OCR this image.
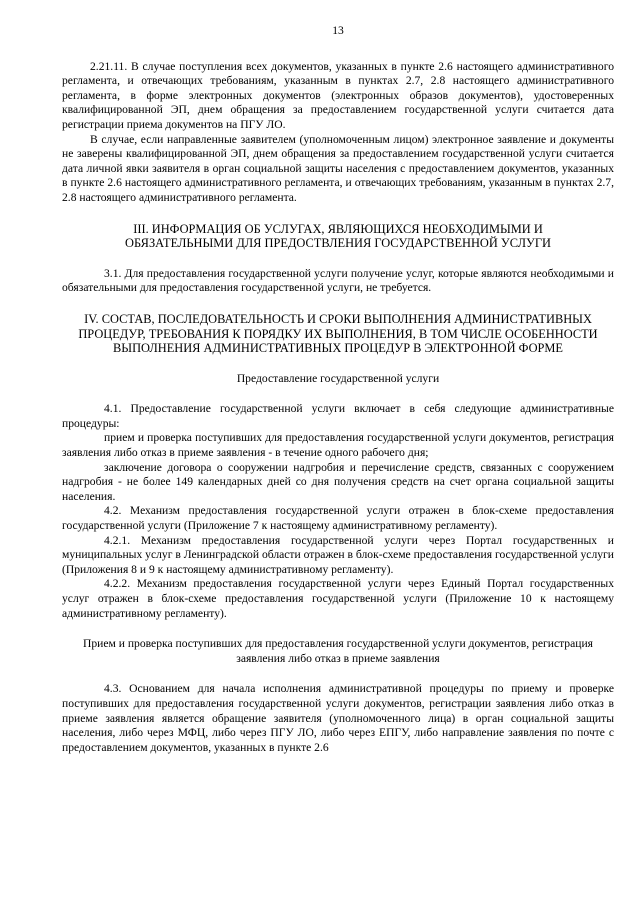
13

2.21.11. В случае поступления всех документов, указанных в пункте 2.6 настоящего административного регламента, и отвечающих требованиям, указанным в пунктах 2.7, 2.8 настоящего административного регламента, в форме электронных документов (электронных образов документов), удостоверенных квалифицированной ЭП, днем обращения за предоставлением государственной услуги считается дата регистрации приема документов на ПГУ ЛО.

В случае, если направленные заявителем (уполномоченным лицом) электронное заявление и документы не заверены квалифицированной ЭП, днем обращения за предоставлением государственной услуги считается дата личной явки заявителя в орган социальной защиты населения с предоставлением документов, указанных в пункте 2.6 настоящего административного регламента, и отвечающих требованиям, указанным в пунктах 2.7, 2.8 настоящего административного регламента.

III. ИНФОРМАЦИЯ ОБ УСЛУГАХ, ЯВЛЯЮЩИХСЯ НЕОБХОДИМЫМИ И ОБЯЗАТЕЛЬНЫМИ ДЛЯ ПРЕДОСТВЛЕНИЯ ГОСУДАРСТВЕННОЙ УСЛУГИ

3.1. Для предоставления государственной услуги получение услуг, которые являются необходимыми и обязательными для предоставления государственной услуги, не требуется.

IV. СОСТАВ, ПОСЛЕДОВАТЕЛЬНОСТЬ И СРОКИ ВЫПОЛНЕНИЯ АДМИНИСТРАТИВНЫХ ПРОЦЕДУР, ТРЕБОВАНИЯ К ПОРЯДКУ ИХ ВЫПОЛНЕНИЯ, В ТОМ ЧИСЛЕ ОСОБЕННОСТИ ВЫПОЛНЕНИЯ АДМИНИСТРАТИВНЫХ ПРОЦЕДУР В ЭЛЕКТРОННОЙ ФОРМЕ
Предоставление государственной услуги

4.1. Предоставление государственной услуги включает в себя следующие административные процедуры:

прием и проверка поступивших для предоставления государственной услуги документов, регистрация заявления либо отказ в приеме заявления - в течение одного рабочего дня;

заключение договора о сооружении надгробия и перечисление средств, связанных с сооружением надгробия - не более 149 календарных дней со дня получения средств на счет органа социальной защиты населения.

4.2. Механизм предоставления государственной услуги отражен в блок-схеме предоставления государственной услуги (Приложение 7 к настоящему административному регламенту).

4.2.1. Механизм предоставления государственной услуги через Портал государственных и муниципальных услуг в Ленинградской области отражен в блок-схеме предоставления государственной услуги (Приложения 8 и 9 к настоящему административному регламенту).

4.2.2. Механизм предоставления государственной услуги через Единый Портал государственных услуг отражен в блок-схеме предоставления государственной услуги (Приложение 10 к настоящему административному регламенту).

Прием и проверка поступивших для предоставления государственной услуги документов, регистрация заявления либо отказ в приеме заявления

4.3. Основанием для начала исполнения административной процедуры по приему и проверке поступивших для предоставления государственной услуги документов, регистрации заявления либо отказ в приеме заявления является обращение заявителя (уполномоченного лица) в орган социальной защиты населения, либо через МФЦ, либо через ПГУ ЛО, либо через ЕПГУ, либо направление заявления по почте с предоставлением документов, указанных в пункте 2.6
